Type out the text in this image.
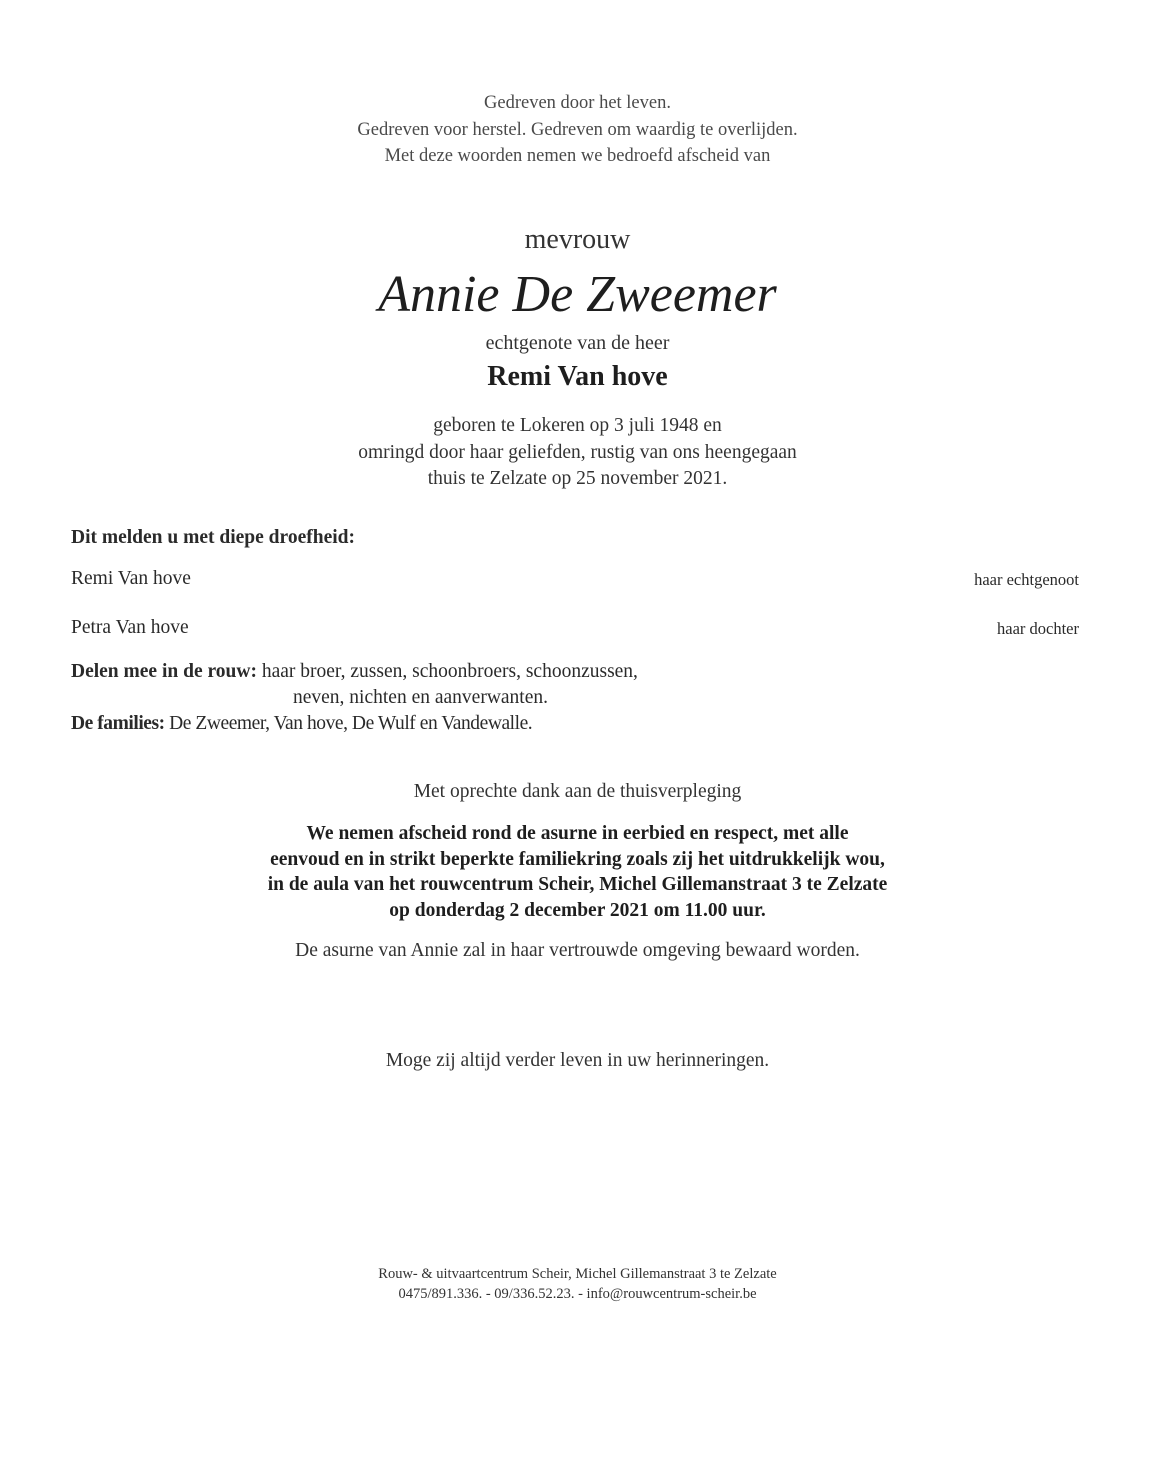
Gedreven door het leven.
Gedreven voor herstel. Gedreven om waardig te overlijden.
Met deze woorden nemen we bedroefd afscheid van
mevrouw
Annie De Zweemer
echtgenote van de heer
Remi Van hove
geboren te Lokeren op 3 juli 1948 en
omringd door haar geliefden, rustig van ons heengegaan
thuis te Zelzate op 25 november 2021.
Dit melden u met diepe droefheid:
Remi Van hove	haar echtgenoot
Petra Van hove	haar dochter
Delen mee in de rouw: haar broer, zussen, schoonbroers, schoonzussen,
neven, nichten en aanverwanten.
De families: De Zweemer, Van hove, De Wulf en Vandewalle.
Met oprechte dank aan de thuisverpleging
We nemen afscheid rond de asurne in eerbied en respect, met alle
eenvoud en in strikt beperkte familiekring zoals zij het uitdrukkelijk wou,
in de aula van het rouwcentrum Scheir, Michel Gillemanstraat 3 te Zelzate
op donderdag 2 december 2021 om 11.00 uur.
De asurne van Annie zal in haar vertrouwde omgeving bewaard worden.
Moge zij altijd verder leven in uw herinneringen.
Rouw- & uitvaartcentrum Scheir, Michel Gillemanstraat 3 te Zelzate
0475/891.336. - 09/336.52.23. - info@rouwcentrum-scheir.be
